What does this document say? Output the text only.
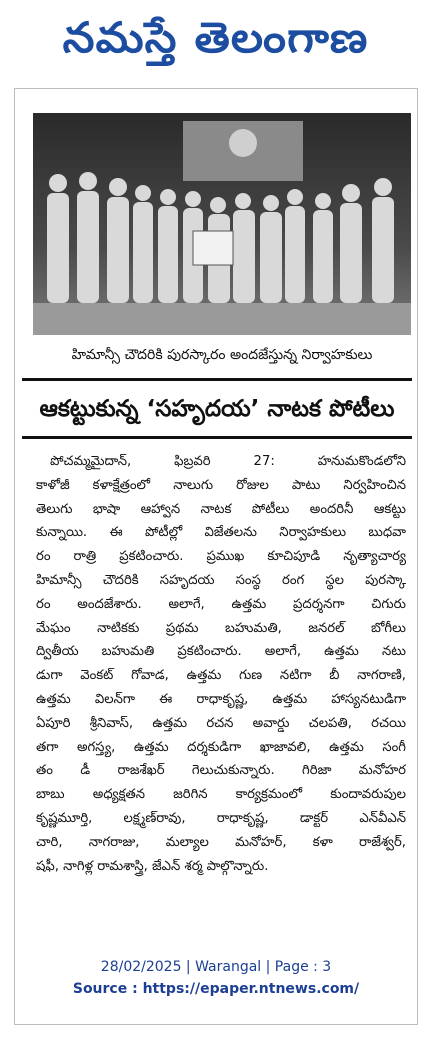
నమస్తే తెలంగాణ
హిమాన్సీ చౌదరికి పురస్కారం అందజేస్తున్న నిర్వాహకులు
ఆకట్టుకున్న ‘సహృదయ’ నాటక పోటీలు
పోచమ్మమైదాన్, ఫిబ్రవరి 27: హనుమకొండలోని
కాళోజీ కళాక్షేత్రంలో నాలుగు రోజుల పాటు నిర్వహించిన
తెలుగు భాషా ఆహ్వాన నాటక పోటీలు అందరినీ ఆకట్టు
కున్నాయి. ఈ పోటీల్లో విజేతలను నిర్వాహకులు బుధవా
రం రాత్రి ప్రకటించారు. ప్రముఖ కూచిపూడి నృత్యాచార్య
హిమాన్సీ చౌదరికి సహృదయ సంస్థ రంగ స్థల పురస్కా
రం అందజేశారు. అలాగే, ఉత్తమ ప్రదర్శనగా చిగురు
మేఘం నాటికకు ప్రథమ బహుమతి, జనరల్ బోగీలు
ద్వితీయ బహుమతి ప్రకటించారు. అలాగే, ఉత్తమ నటు
డుగా వెంకట్ గోవాడ, ఉత్తమ గుణ నటిగా బీ నాగరాణి,
ఉత్తమ విలన్‌గా ఈ రాధాకృష్ణ, ఉత్తమ హాస్యనటుడిగా
ఏపూరి శ్రీనివాస్, ఉత్తమ రచన అవార్డు చలపతి, రచయి
తగా అగస్త్య, ఉత్తమ దర్శకుడిగా ఖాజావలి, ఉత్తమ సంగీ
తం డీ రాజశేఖర్ గెలుచుకున్నారు. గిరిజా మనోహర
బాబు అధ్యక్షతన జరిగిన కార్యక్రమంలో కుందావరుపుల
కృష్ణమూర్తి, లక్ష్మణ్‌రావు, రాధాకృష్ణ, డాక్టర్ ఎన్‌వీఎన్
చారి, నాగరాజు, మల్యాల మనోహర్, కళా రాజేశ్వర్,
షఫీ, నాగిళ్ల రామశాస్త్రి, జేఎన్ శర్మ పాల్గొన్నారు.
28/02/2025 | Warangal | Page : 3
Source : https://epaper.ntnews.com/
